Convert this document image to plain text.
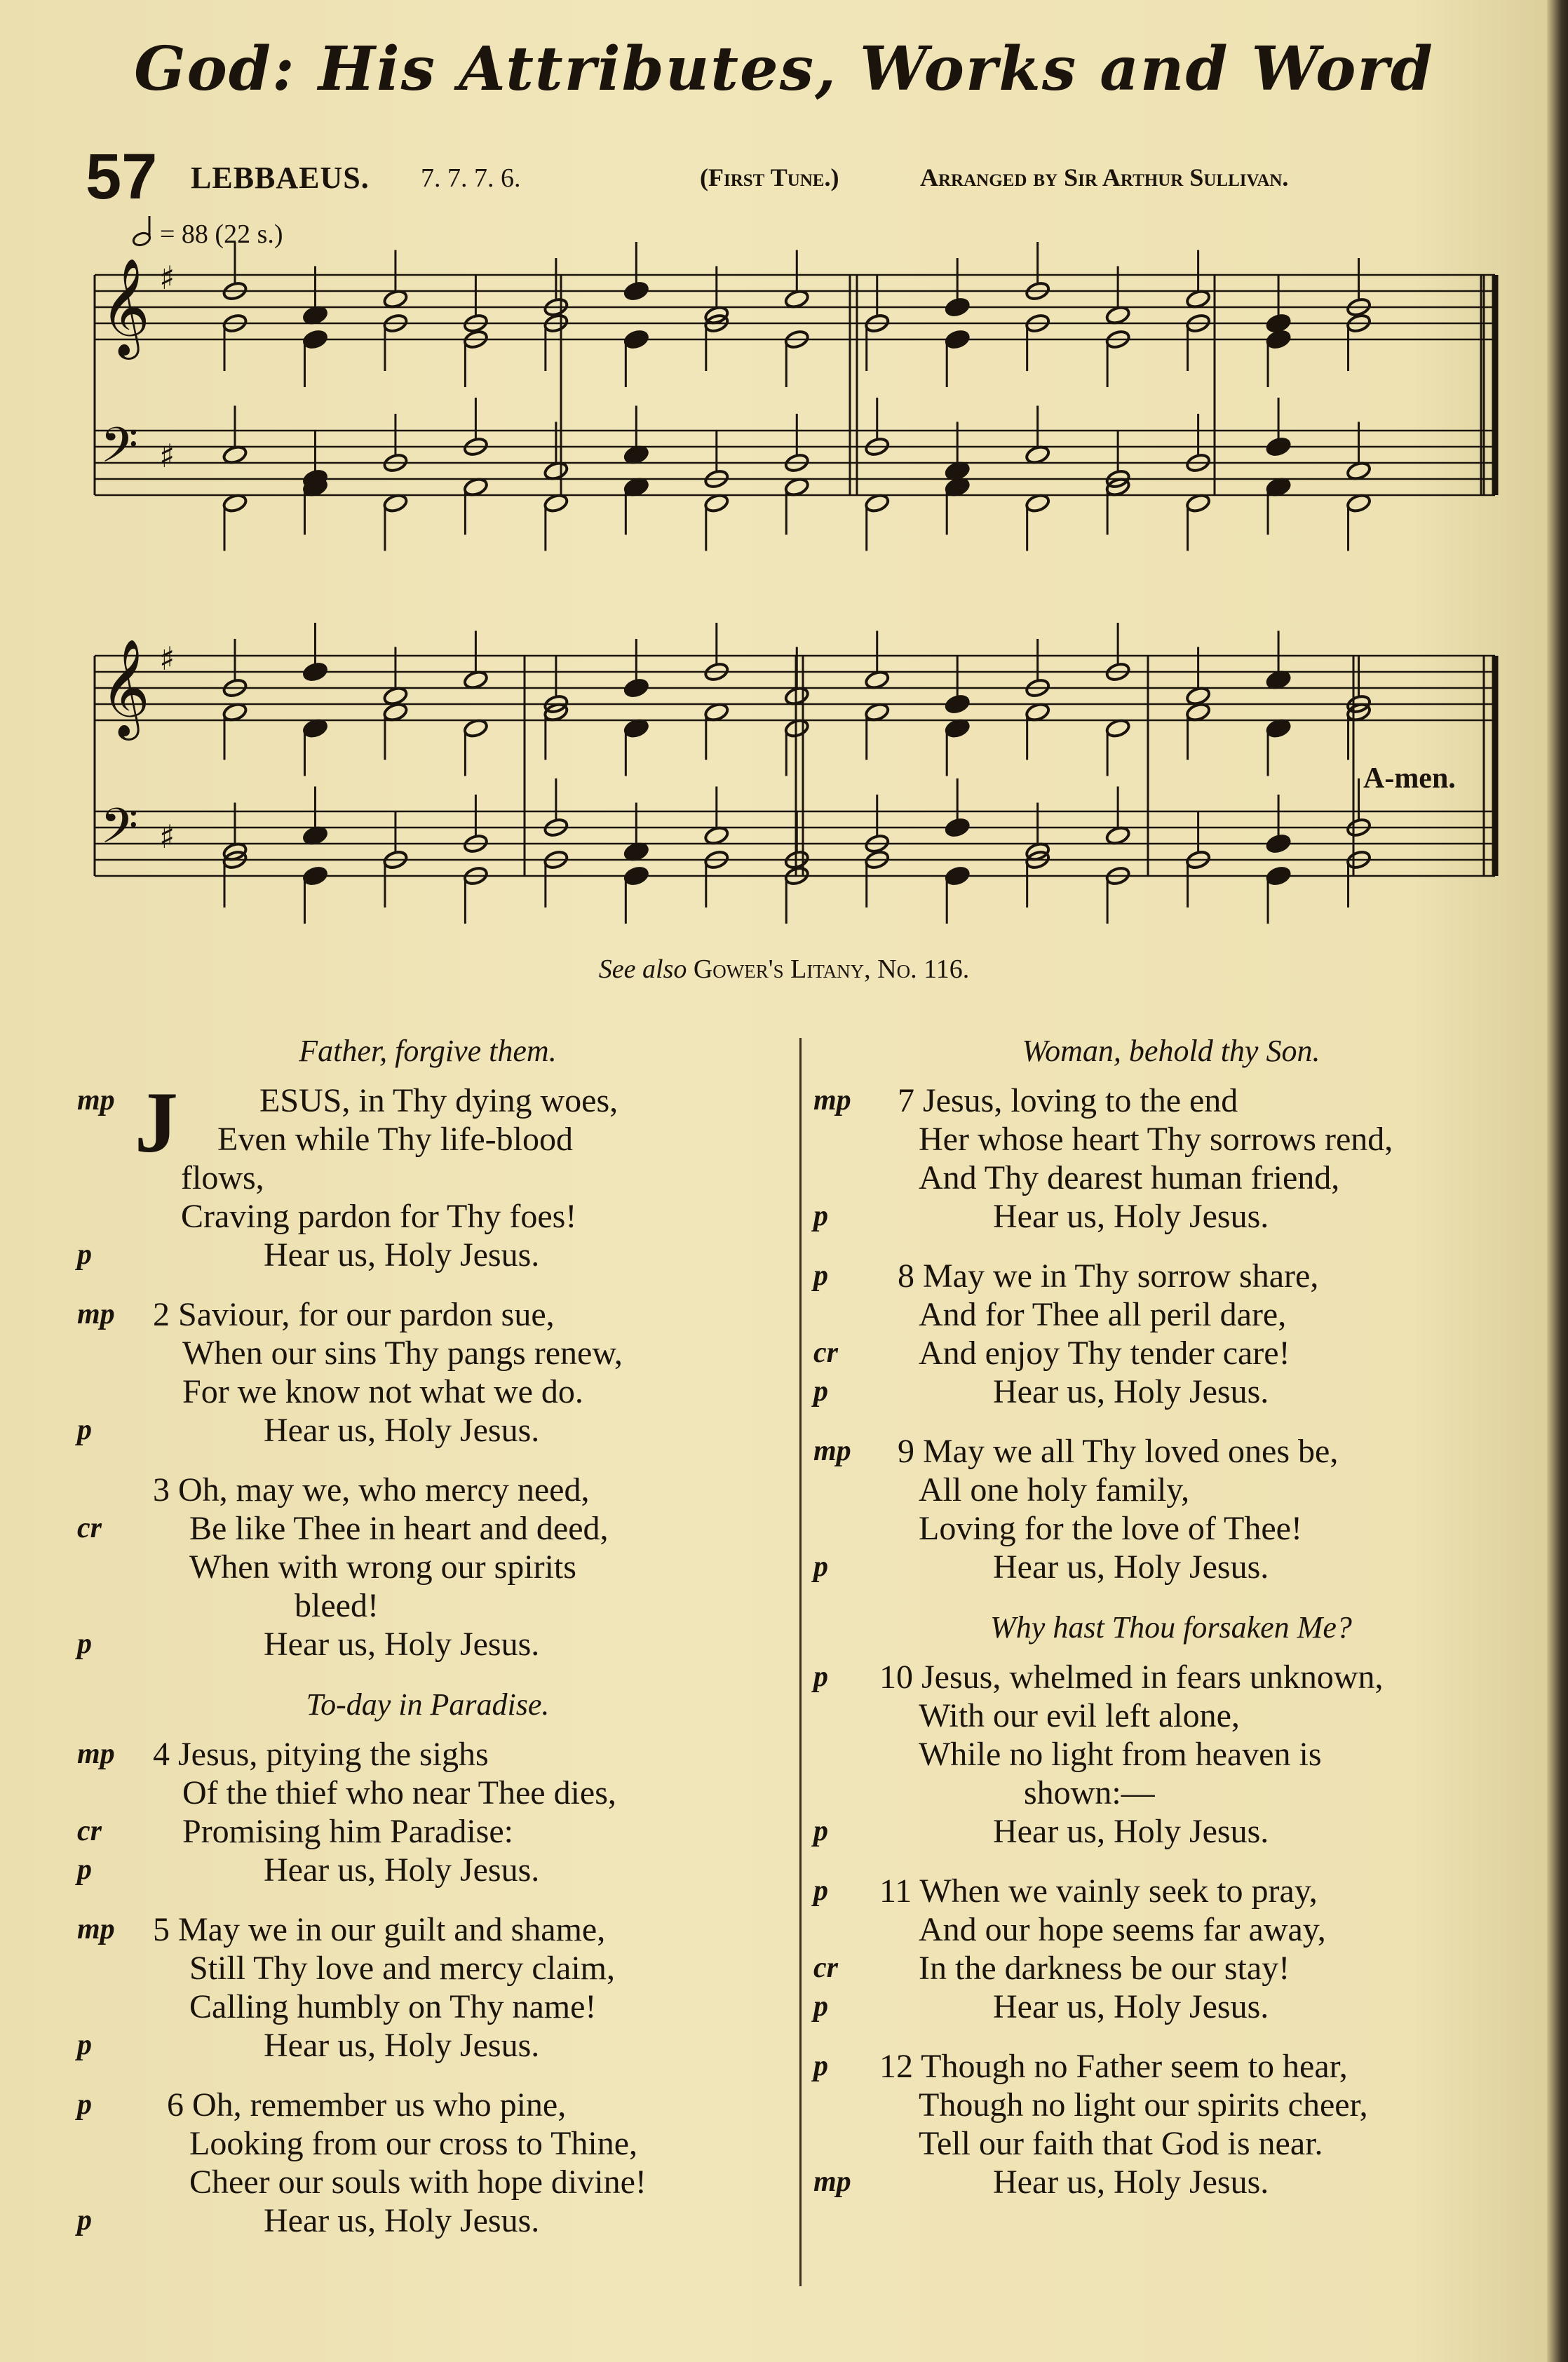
God: His Attributes, Works and Word
57 LEBBAEUS. 7. 7. 7. 6.	(First Tune.)	Arranged by Sir Arthur Sullivan.
= 88 (22 s.)
𝄞 ♯
𝄢 ♯
𝄞 ♯
𝄢 ♯
A-men.
See also Gower's Litany, No. 116.
Father, forgive them.
mp J ESUS, in Thy dying woes,
Even while Thy life-blood
flows,
Craving pardon for Thy foes!
p	Hear us, Holy Jesus.
mp 2 Saviour, for our pardon sue,
When our sins Thy pangs renew,
For we know not what we do.
p	Hear us, Holy Jesus.
3 Oh, may we, who mercy need,
cr	Be like Thee in heart and deed,
When with wrong our spirits
bleed!
p	Hear us, Holy Jesus.
To-day in Paradise.
mp 4 Jesus, pitying the sighs
Of the thief who near Thee dies,
cr Promising him Paradise:
p	Hear us, Holy Jesus.
mp 5 May we in our guilt and shame,
Still Thy love and mercy claim,
Calling humbly on Thy name!
p	Hear us, Holy Jesus.
p 6 Oh, remember us who pine,
Looking from our cross to Thine,
Cheer our souls with hope divine!
p	Hear us, Holy Jesus.
Woman, behold thy Son.
mp 7 Jesus, loving to the end
Her whose heart Thy sorrows rend,
And Thy dearest human friend,
p	Hear us, Holy Jesus.
p 8 May we in Thy sorrow share,
And for Thee all peril dare,
cr And enjoy Thy tender care!
p	Hear us, Holy Jesus.
mp 9 May we all Thy loved ones be,
All one holy family,
Loving for the love of Thee!
p	Hear us, Holy Jesus.
Why hast Thou forsaken Me?
p 10 Jesus, whelmed in fears unknown,
With our evil left alone,
While no light from heaven is
shown:—
p	Hear us, Holy Jesus.
p 11 When we vainly seek to pray,
And our hope seems far away,
cr In the darkness be our stay!
p	Hear us, Holy Jesus.
p 12 Though no Father seem to hear,
Though no light our spirits cheer,
Tell our faith that God is near.
mp	Hear us, Holy Jesus.
